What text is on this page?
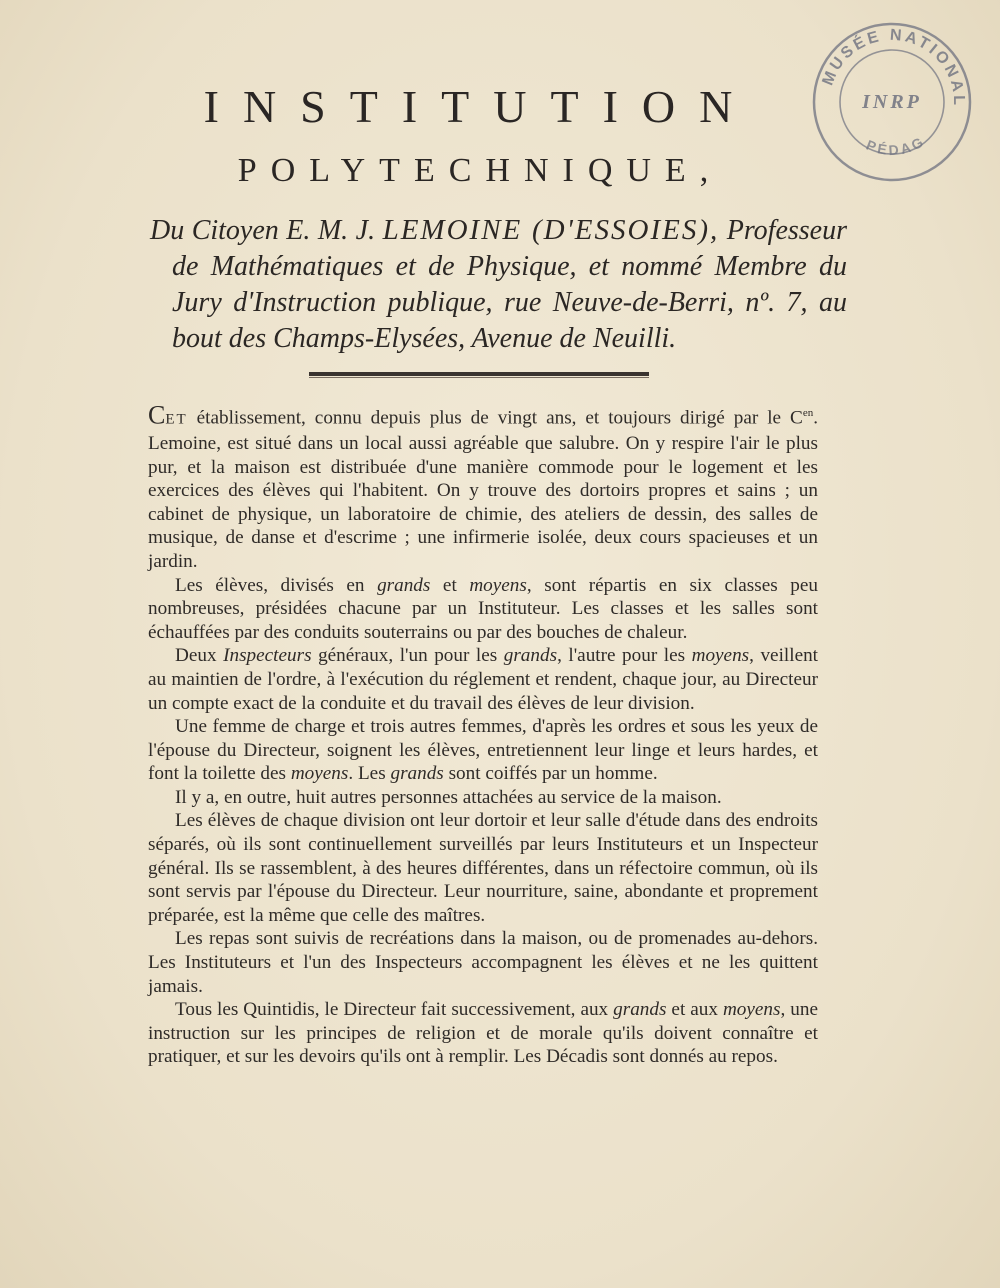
MUSÉE NATIONAL
PÉDAG
INRP
INSTITUTION
POLYTECHNIQUE,
Du Citoyen E. M. J. LEMOINE (D'ESSOIES), Professeur de Mathématiques et de Physique, et nommé Membre du Jury d'Instruction publique, rue Neuve-de-Berri, nº. 7, au bout des Champs-Elysées, Avenue de Neuilli.

CET établissement, connu depuis plus de vingt ans, et toujours dirigé par le $C^{en}$. Lemoine, est situé dans un local aussi agréable que salubre. On y respire l'air le plus pur, et la maison est distribuée d'une manière commode pour le logement et les exercices des élèves qui l'habitent. On y trouve des dortoirs propres et sains ; un cabinet de physique, un laboratoire de chimie, des ateliers de dessin, des salles de musique, de danse et d'escrime ; une infirmerie isolée, deux cours spacieuses et un jardin.

Les élèves, divisés en grands et moyens, sont répartis en six classes peu nombreuses, présidées chacune par un Instituteur. Les classes et les salles sont échauffées par des conduits souterrains ou par des bouches de chaleur.

Deux Inspecteurs généraux, l'un pour les grands, l'autre pour les moyens, veillent au maintien de l'ordre, à l'exécution du réglement et rendent, chaque jour, au Directeur un compte exact de la conduite et du travail des élèves de leur division.

Une femme de charge et trois autres femmes, d'après les ordres et sous les yeux de l'épouse du Directeur, soignent les élèves, entretiennent leur linge et leurs hardes, et font la toilette des moyens. Les grands sont coiffés par un homme.

Il y a, en outre, huit autres personnes attachées au service de la maison.

Les élèves de chaque division ont leur dortoir et leur salle d'étude dans des endroits séparés, où ils sont continuellement surveillés par leurs Instituteurs et un Inspecteur général. Ils se rassemblent, à des heures différentes, dans un réfectoire commun, où ils sont servis par l'épouse du Directeur. Leur nourriture, saine, abondante et proprement préparée, est la même que celle des maîtres.

Les repas sont suivis de recréations dans la maison, ou de promenades au-dehors. Les Instituteurs et l'un des Inspecteurs accompagnent les élèves et ne les quittent jamais.

Tous les Quintidis, le Directeur fait successivement, aux grands et aux moyens, une instruction sur les principes de religion et de morale qu'ils doivent connaître et pratiquer, et sur les devoirs qu'ils ont à remplir. Les Décadis sont donnés au repos.
